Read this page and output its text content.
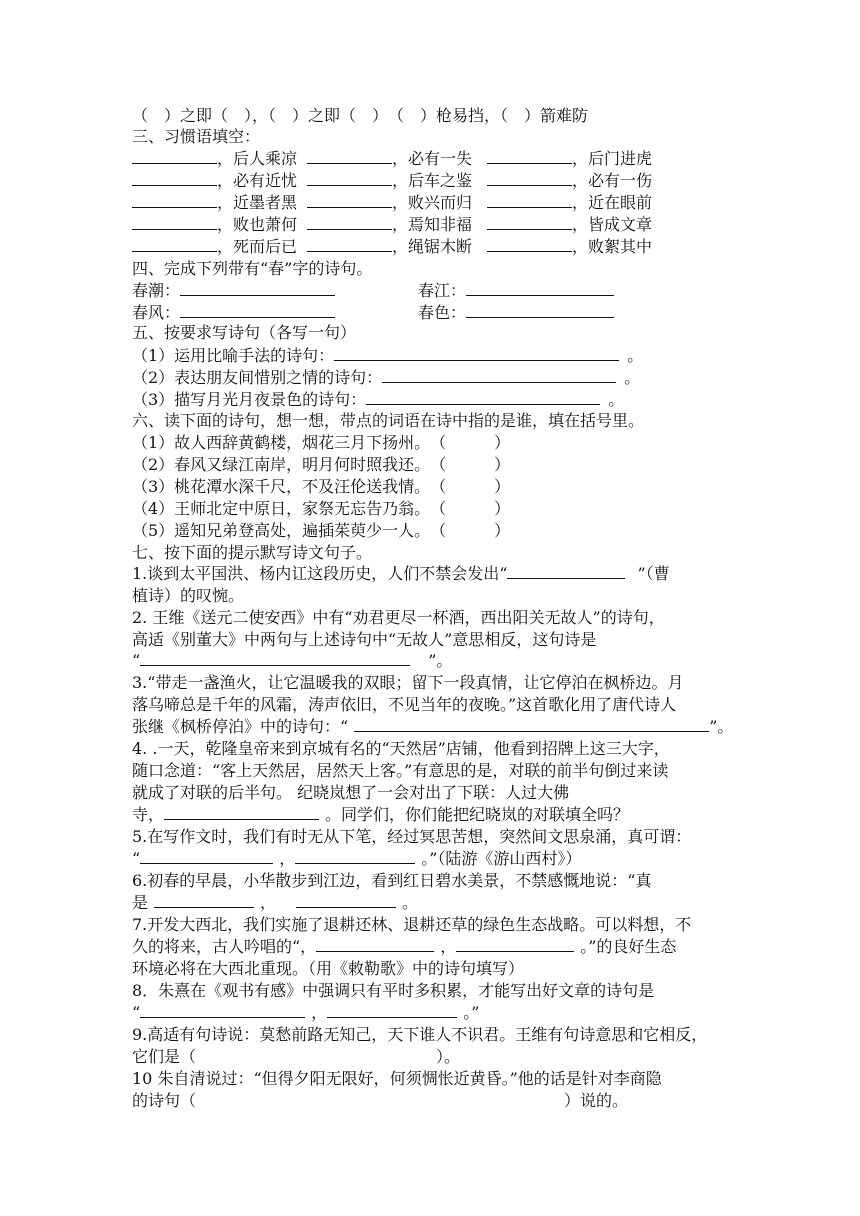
（　）之即（　），（　）之即（　）　（　）枪易挡，（　）箭难防
三、习惯语填空：
，后人乘凉	，必有一失	，后门进虎
，必有近忧	，后车之鉴	，必有一伤
，近墨者黑	，败兴而归	，近在眼前
，败也萧何	，焉知非福	，皆成文章
，死而后已	，绳锯木断	，败絮其中
四、完成下列带有“春”字的诗句。
春潮：	春江：
春风：	春色：
五、按要求写诗句（各写一句）
（1）运用比喻手法的诗句：	。
（2）表达朋友间惜别之情的诗句：	。
（3）描写月光月夜景色的诗句：	。
六、读下面的诗句，想一想，带点的词语在诗中指的是谁，填在括号里。
（1）故人西辞黄鹤楼，烟花三月下扬州。　（　　　）
（2）春风又绿江南岸，明月何时照我还。　（　　　）
（3）桃花潭水深千尺，不及汪伦送我情。　（　　　）
（4）王师北定中原日，家祭无忘告乃翁。　（　　　）
（5）遥知兄弟登高处，遍插茱萸少一人。　（　　　）
七、按下面的提示默写诗文句子。
1.谈到太平国洪、杨内讧这段历史，人们不禁会发出“	”（曹
植诗）的叹惋。
2. 王维《送元二使安西》中有“劝君更尽一杯酒，西出阳关无故人”的诗句，
高适《别董大》中两句与上述诗句中“无故人”意思相反，这句诗是
“	”。
3.“带走一盏渔火，让它温暖我的双眼；留下一段真情，让它停泊在枫桥边。月
落乌啼总是千年的风霜，涛声依旧，不见当年的夜晚。”这首歌化用了唐代诗人
张继《枫桥停泊》中的诗句：“	”。
4. .一天，乾隆皇帝来到京城有名的“天然居”店铺，他看到招牌上这三大字，
随口念道：“客上天然居，居然天上客。”有意思的是，对联的前半句倒过来读
就成了对联的后半句。 纪晓岚想了一会对出了下联：人过大佛
寺，	。同学们，你们能把纪晓岚的对联填全吗？
5.在写作文时，我们有时无从下笔，经过冥思苦想，突然间文思泉涌，真可谓：
“	，	。”（陆游《游山西村》）
6.初春的早晨，小华散步到江边，看到红日碧水美景，不禁感慨地说：“真
是	，	。
7.开发大西北，我们实施了退耕还林、退耕还草的绿色生态战略。可以料想，不
久的将来，古人吟唱的“，	，	。”的良好生态
环境必将在大西北重现。（用《敕勒歌》中的诗句填写）
8．朱熹在《观书有感》中强调只有平时多积累，才能写出好文章的诗句是
“	，	。”
9.高适有句诗说：莫愁前路无知己，天下谁人不识君。王维有句诗意思和它相反，
它们是（　　　　　　　　　　　　　　　）。
10 朱自清说过：“但得夕阳无限好，何须惆怅近黄昏。”他的话是针对李商隐
的诗句（　　　　　　　　　　　　　　　　　　　　　　　）说的。
